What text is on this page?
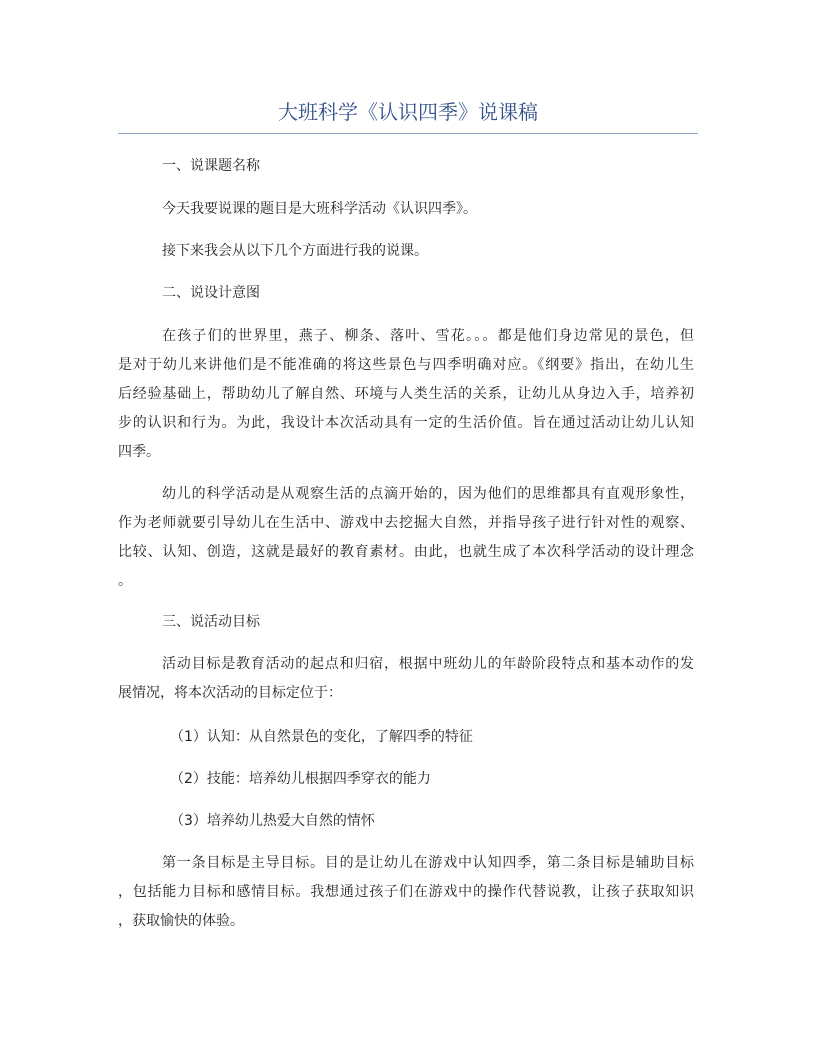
大班科学《认识四季》说课稿
一、说课题名称
今天我要说课的题目是大班科学活动《认识四季》。
接下来我会从以下几个方面进行我的说课。
二、说设计意图
在孩子们的世界里，燕子、柳条、落叶、雪花。。。都是他们身边常见的景色，但
是对于幼儿来讲他们是不能准确的将这些景色与四季明确对应。《纲要》指出，在幼儿生
后经验基础上，帮助幼儿了解自然、环境与人类生活的关系，让幼儿从身边入手，培养初
步的认识和行为。为此，我设计本次活动具有一定的生活价值。旨在通过活动让幼儿认知
四季。
幼儿的科学活动是从观察生活的点滴开始的，因为他们的思维都具有直观形象性，
作为老师就要引导幼儿在生活中、游戏中去挖掘大自然，并指导孩子进行针对性的观察、
比较、认知、创造，这就是最好的教育素材。由此，也就生成了本次科学活动的设计理念
。
三、说活动目标
活动目标是教育活动的起点和归宿，根据中班幼儿的年龄阶段特点和基本动作的发
展情况，将本次活动的目标定位于：
（1）认知：从自然景色的变化，了解四季的特征
（2）技能：培养幼儿根据四季穿衣的能力
（3）培养幼儿热爱大自然的情怀
第一条目标是主导目标。目的是让幼儿在游戏中认知四季，第二条目标是辅助目标
，包括能力目标和感情目标。我想通过孩子们在游戏中的操作代替说教，让孩子获取知识
，获取愉快的体验。
